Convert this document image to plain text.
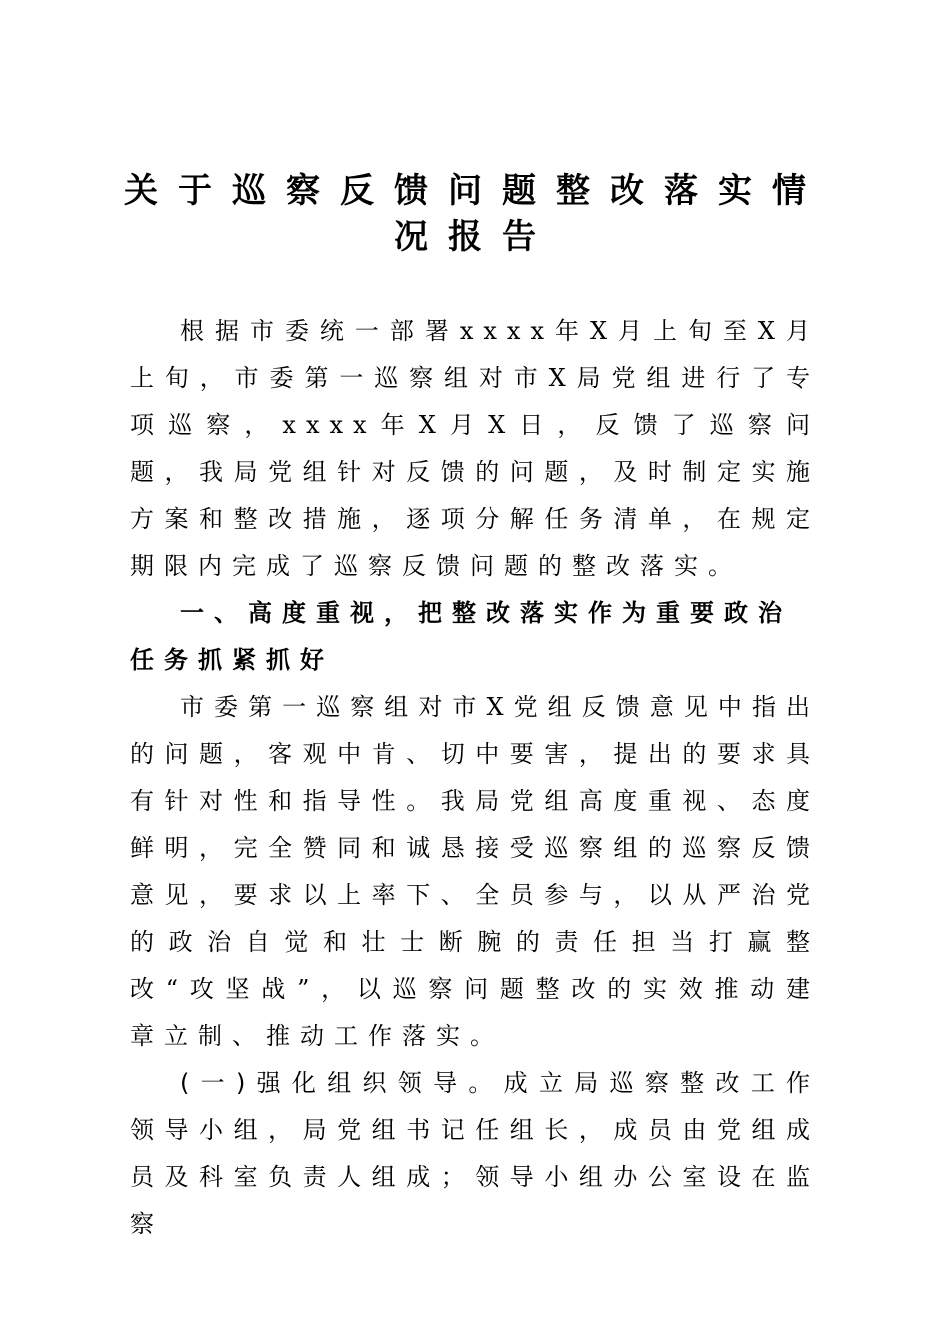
关于巡察反馈问题整改落实情况报告

根据市委统一部署xxxx年X月上旬至X月上旬，市委第一巡察组对市X局党组进行了专项巡察，xxxx年X月X日，反馈了巡察问题，我局党组针对反馈的问题，及时制定实施方案和整改措施，逐项分解任务清单，在规定期限内完成了巡察反馈问题的整改落实。

一、高度重视，把整改落实作为重要政治任务抓紧抓好

市委第一巡察组对市X党组反馈意见中指出的问题，客观中肯、切中要害，提出的要求具有针对性和指导性。我局党组高度重视、态度鲜明，完全赞同和诚恳接受巡察组的巡察反馈意见，要求以上率下、全员参与，以从严治党的政治自觉和壮士断腕的责任担当打赢整改“攻坚战”，以巡察问题整改的实效推动建章立制、推动工作落实。

(一)强化组织领导。成立局巡察整改工作领导小组，局党组书记任组长，成员由党组成员及科室负责人组成；领导小组办公室设在监察
